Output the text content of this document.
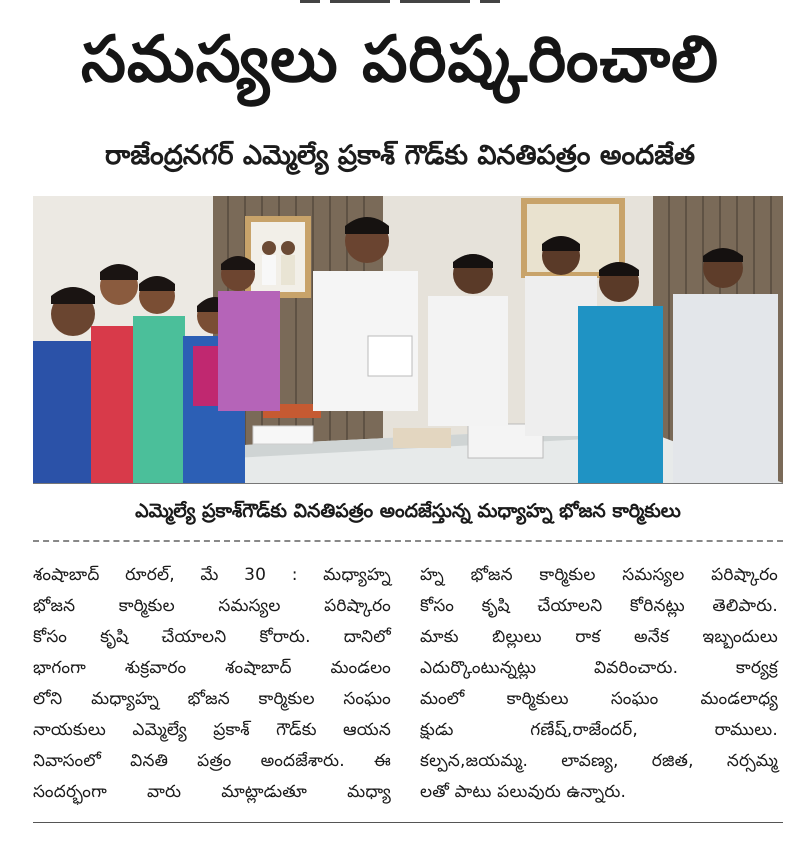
సమస్యలు పరిష్కరించాలి
రాజేంద్రనగర్ ఎమ్మెల్యే ప్రకాశ్ గౌడ్‌కు వినతిపత్రం అందజేత
ఎమ్మెల్యే ప్రకాశ్‌గౌడ్‌కు వినతిపత్రం అందజేస్తున్న మధ్యాహ్న భోజన కార్మికులు
శంషాబాద్ రూరల్, మే 30 : మధ్యాహ్న
భోజన కార్మికుల సమస్యల పరిష్కారం
కోసం కృషి చేయాలని కోరారు. దానిలో
భాగంగా శుక్రవారం శంషాబాద్ మండలం
లోని మధ్యాహ్న భోజన కార్మికుల సంఘం
నాయకులు ఎమ్మెల్యే ప్రకాశ్ గౌడ్‌కు ఆయన
నివాసంలో వినతి పత్రం అందజేశారు. ఈ
సందర్భంగా వారు మాట్లాడుతూ మధ్యా
హ్న భోజన కార్మికుల సమస్యల పరిష్కారం
కోసం కృషి చేయాలని కోరినట్లు తెలిపారు.
మాకు బిల్లులు రాక అనేక ఇబ్బందులు
ఎదుర్కొంటున్నట్లు వివరించారు. కార్యక్ర
మంలో కార్మికులు సంఘం మండలాధ్య
క్షుడు గణేష్,రాజేందర్, రాములు.
కల్పన,జయమ్మ. లావణ్య, రజిత, నర్సమ్మ
లతో పాటు పలువురు ఉన్నారు.
